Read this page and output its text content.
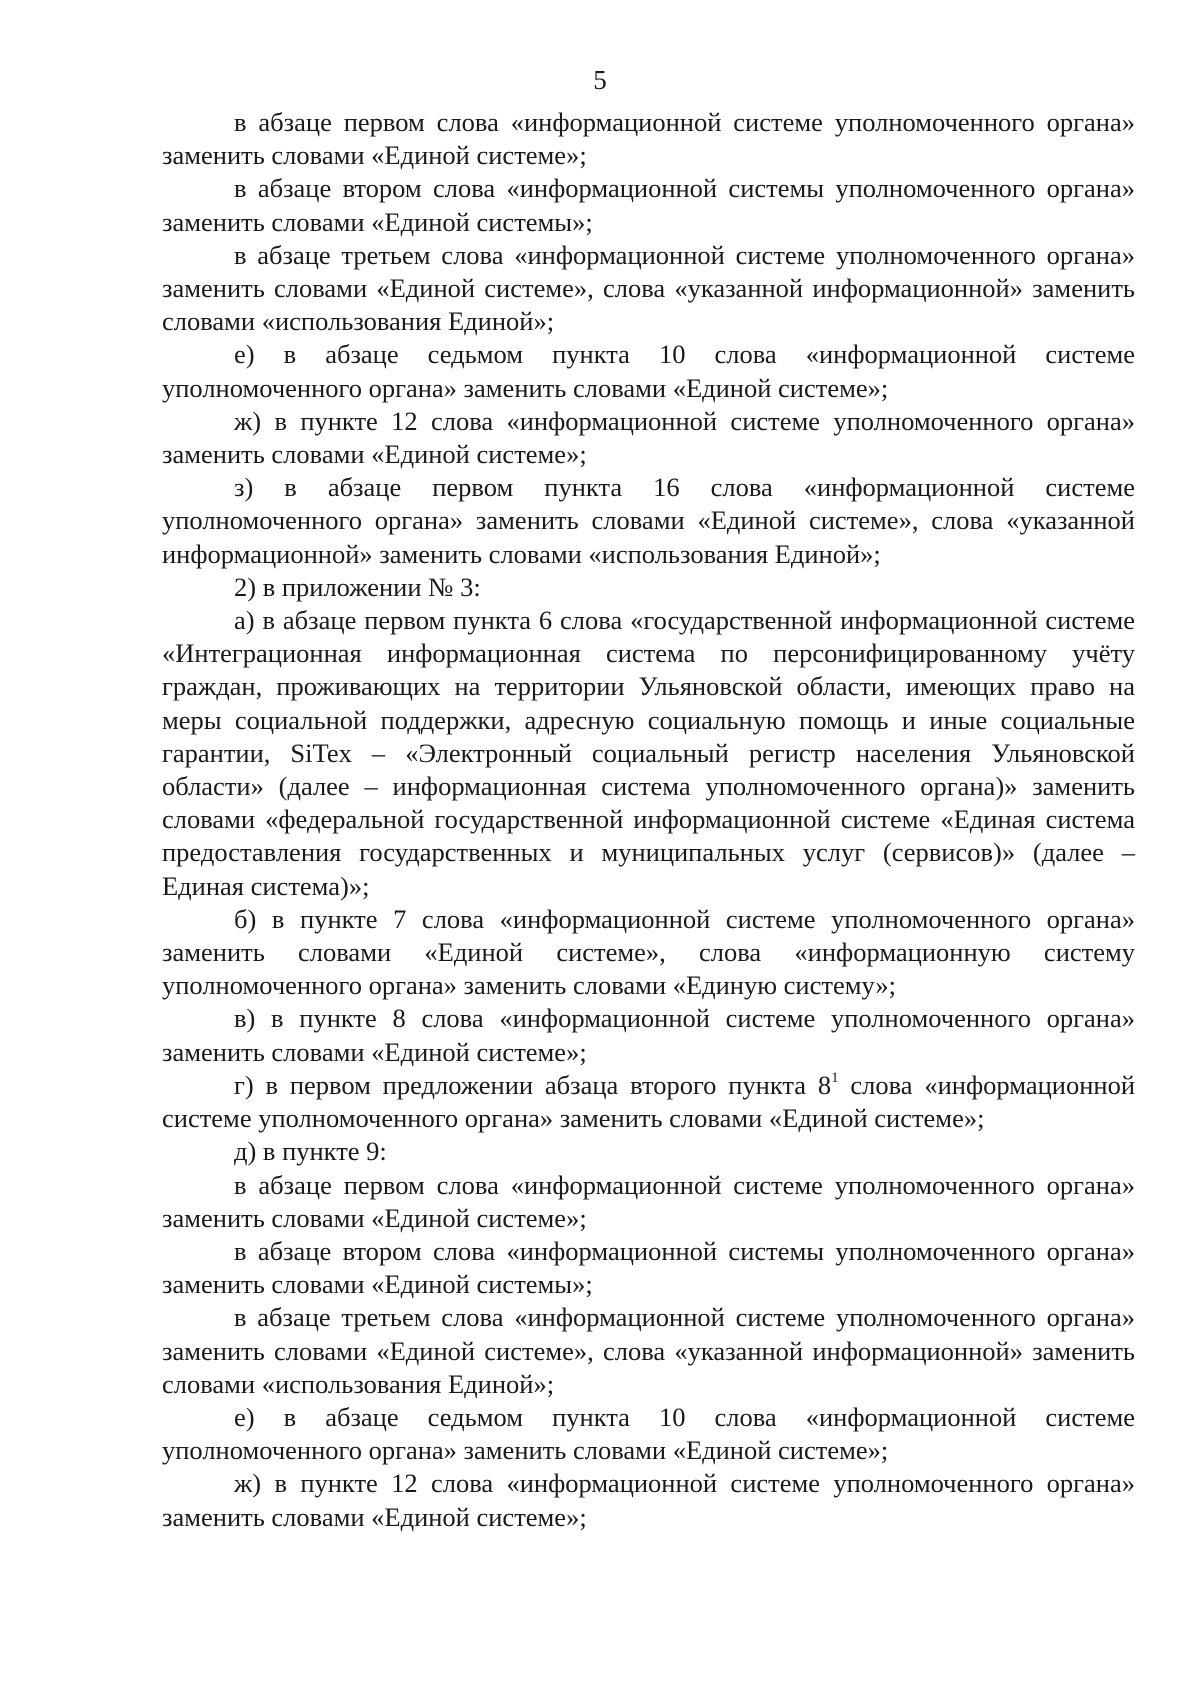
5

в абзаце первом слова «информационной системе уполномоченного органа» заменить словами «Единой системе»;

в абзаце втором слова «информационной системы уполномоченного органа» заменить словами «Единой системы»;

в абзаце третьем слова «информационной системе уполномоченного органа» заменить словами «Единой системе», слова «указанной информационной» заменить словами «использования Единой»;

е) в абзаце седьмом пункта 10 слова «информационной системе уполномоченного органа» заменить словами «Единой системе»;

ж) в пункте 12 слова «информационной системе уполномоченного органа» заменить словами «Единой системе»;

з) в абзаце первом пункта 16 слова «информационной системе уполномоченного органа» заменить словами «Единой системе», слова «указанной информационной» заменить словами «использования Единой»;

2) в приложении № 3:

а) в абзаце первом пункта 6 слова «государственной информационной системе «Интеграционная информационная система по персонифицированному учёту граждан, проживающих на территории Ульяновской области, имеющих право на меры социальной поддержки, адресную социальную помощь и иные социальные гарантии, SiTex – «Электронный социальный регистр населения Ульяновской области» (далее – информационная система уполномоченного органа)» заменить словами «федеральной государственной информационной системе «Единая система предоставления государственных и муниципальных услуг (сервисов)» (далее – Единая система)»;

б) в пункте 7 слова «информационной системе уполномоченного органа» заменить словами «Единой системе», слова «информационную систему уполномоченного органа» заменить словами «Единую систему»;

в) в пункте 8 слова «информационной системе уполномоченного органа» заменить словами «Единой системе»;

г) в первом предложении абзаца второго пункта $8^1$ слова «информационной системе уполномоченного органа» заменить словами «Единой системе»;

д) в пункте 9:

в абзаце первом слова «информационной системе уполномоченного органа» заменить словами «Единой системе»;

в абзаце втором слова «информационной системы уполномоченного органа» заменить словами «Единой системы»;

в абзаце третьем слова «информационной системе уполномоченного органа» заменить словами «Единой системе», слова «указанной информационной» заменить словами «использования Единой»;

е) в абзаце седьмом пункта 10 слова «информационной системе уполномоченного органа» заменить словами «Единой системе»;

ж) в пункте 12 слова «информационной системе уполномоченного органа» заменить словами «Единой системе»;
